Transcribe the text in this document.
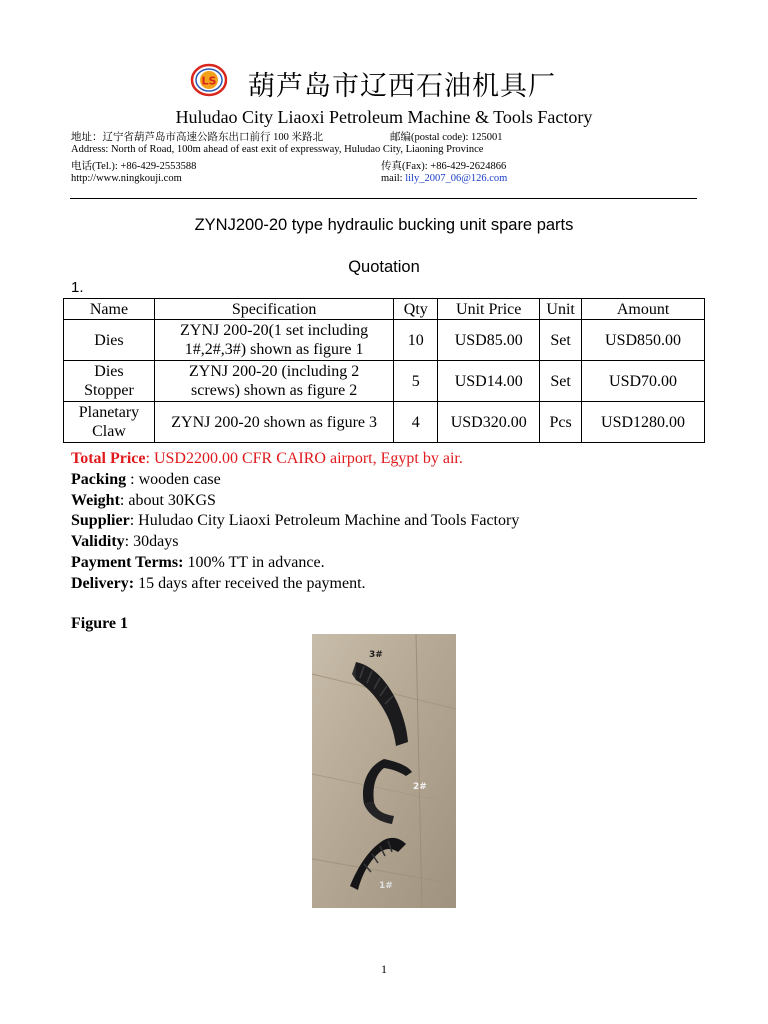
LS 葫芦岛市辽西石油机具厂
Huludao City Liaoxi Petroleum Machine & Tools Factory
地址：辽宁省葫芦岛市高速公路东出口前行 100 米路北	邮编(postal code): 125001
Address: North of Road, 100m ahead of east exit of expressway, Huludao City, Liaoning Province
电话(Tel.): +86-429-2553588	传真(Fax): +86-429-2624866
http://www.ningkouji.com	mail: lily_2007_06@126.com
ZYNJ200-20 type hydraulic bucking unit spare parts
Quotation
1.
Name	Specification	Qty	Unit Price	Unit	Amount
Dies	ZYNJ 200-20(1 set including 1#,2#,3#) shown as figure 1	10	USD85.00	Set	USD850.00
Dies Stopper	ZYNJ 200-20 (including 2 screws) shown as figure 2	5	USD14.00	Set	USD70.00
Planetary Claw	ZYNJ 200-20 shown as figure 3	4	USD320.00	Pcs	USD1280.00
Total Price: USD2200.00 CFR CAIRO airport, Egypt by air.
Packing : wooden case
Weight: about 30KGS
Supplier: Huludao City Liaoxi Petroleum Machine and Tools Factory
Validity: 30days
Payment Terms: 100% TT in advance.
Delivery: 15 days after received the payment.
Figure 1
3#
2#
1#
1
